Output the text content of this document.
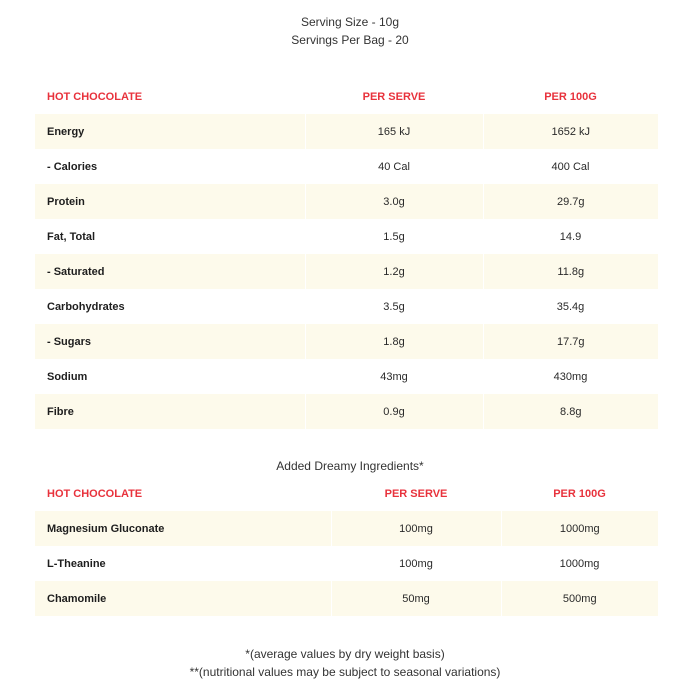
Serving Size - 10g
Servings Per Bag - 20
HOT CHOCOLATE	PER SERVE	PER 100G
Energy	165 kJ	1652 kJ
- Calories	40 Cal	400 Cal
Protein	3.0g	29.7g
Fat, Total	1.5g	14.9
- Saturated	1.2g	11.8g
Carbohydrates	3.5g	35.4g
- Sugars	1.8g	17.7g
Sodium	43mg	430mg
Fibre	0.9g	8.8g
Added Dreamy Ingredients*
HOT CHOCOLATE	PER SERVE	PER 100G
Magnesium Gluconate	100mg	1000mg
L-Theanine	100mg	1000mg
Chamomile	50mg	500mg
*(average values by dry weight basis)
**(nutritional values may be subject to seasonal variations)
